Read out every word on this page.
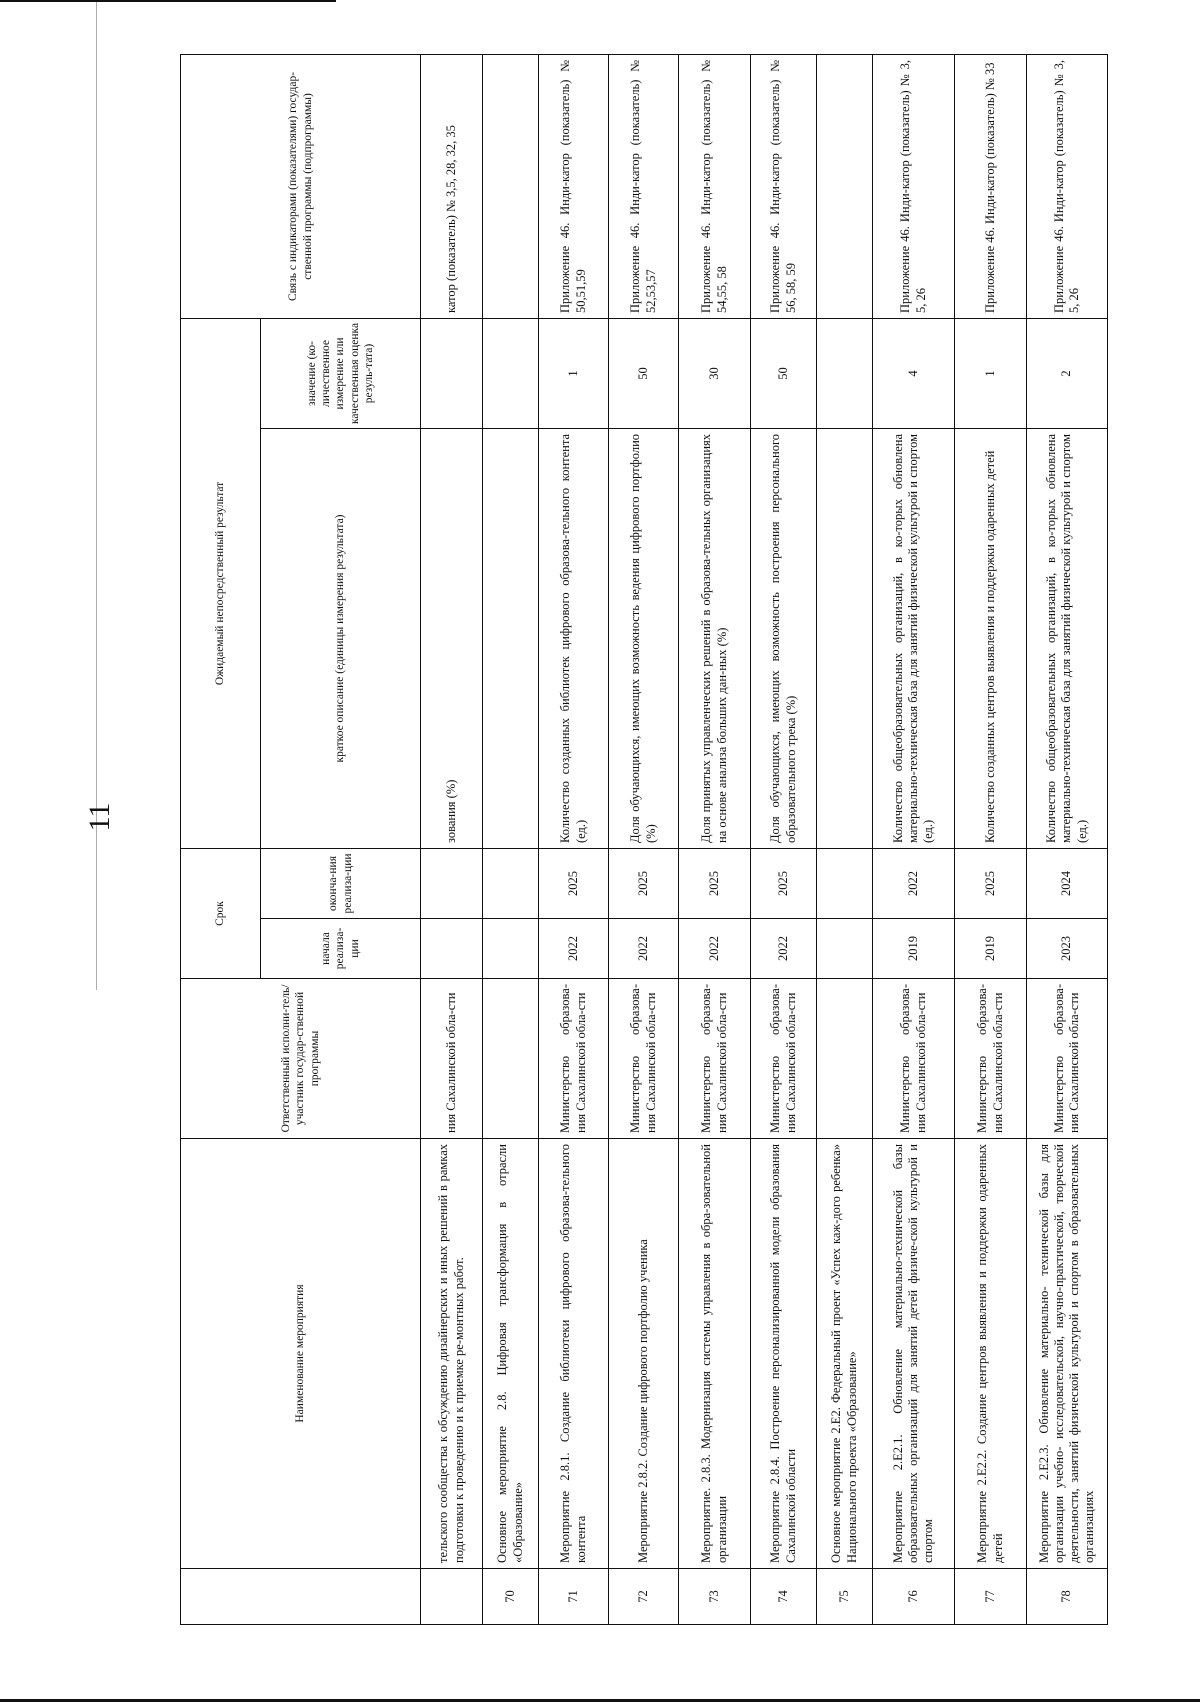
11
	Наименование мероприятия	Ответственный исполни-тель/участник государ-ственной программы	Срок		Ожидаемый непосредственный результат		Связь с индикаторами (показателями) государ-ственной программы (подпрограммы)
			начала реализа-ции	оконча-ния реализа-ции	краткое описание (единицы измерения результата)	значение (ко-личественное измерение или качественная оценка резуль-тата)	
	тельского сообщества к обсуждению дизайнерских и иных решений в рамках подготовки к проведению и к приемке ре-монтных работ.	ния Сахалинской обла-сти			зования (%)		катор (показатель) № 3,5, 28, 32, 35
70	Основное мероприятие 2.8. Цифровая трансформация в отрасли «Образование»						
71	Мероприятие 2.8.1. Создание библиотеки цифрового образова-тельного контента	Министерство образова-ния Сахалинской обла-сти	2022	2025	Количество созданных библиотек цифрового образова-тельного контента (ед.)	1	Приложение 46. Инди-катор (показатель) № 50,51,59
72	Мероприятие 2.8.2. Создание цифрового портфолио ученика	Министерство образова-ния Сахалинской обла-сти	2022	2025	Доля обучающихся, имеющих возможность ведения цифрового портфолио (%)	50	Приложение 46. Инди-катор (показатель) № 52,53,57
73	Мероприятие. 2.8.3. Модернизация системы управления в обра-зовательной организации	Министерство образова-ния Сахалинской обла-сти	2022	2025	Доля принятых управленческих решений в образова-тельных организациях на основе анализа больших дан-ных (%)	30	Приложение 46. Инди-катор (показатель) № 54,55, 58
74	Мероприятие 2.8.4. Построение персонализированной модели образования Сахалинской области	Министерство образова-ния Сахалинской обла-сти	2022	2025	Доля обучающихся, имеющих возможность построения персонального образовательного трека (%)	50	Приложение 46. Инди-катор (показатель) № 56, 58, 59
75	Основное мероприятие 2.Е2. Федеральный проект «Успех каж-дого ребенка» Национального проекта «Образование»						
76	Мероприятие 2.Е2.1. Обновление материально-технической базы образовательных организаций для занятий детей физиче-ской культурой и спортом	Министерство образова-ния Сахалинской обла-сти	2019	2022	Количество общеобразовательных организаций, в ко-торых обновлена материально-техническая база для занятий физической культурой и спортом (ед.)	4	Приложение 46. Инди-катор (показатель) № 3, 5, 26
77	Мероприятие 2.Е2.2. Создание центров выявления и поддержки одаренных детей	Министерство образова-ния Сахалинской обла-сти	2019	2025	Количество созданных центров выявления и поддержки одаренных детей	1	Приложение 46. Инди-катор (показатель) № 33
78	Мероприятие 2.Е2.3. Обновление материально- технической базы для организации учебно- исследовательской, научно-практической, творческой деятельности, занятий физической культурой и спортом в образовательных организациях	Министерство образова-ния Сахалинской обла-сти	2023	2024	Количество общеобразовательных организаций, в ко-торых обновлена материально-техническая база для занятий физической культурой и спортом (ед.)	2	Приложение 46. Инди-катор (показатель) № 3, 5, 26
